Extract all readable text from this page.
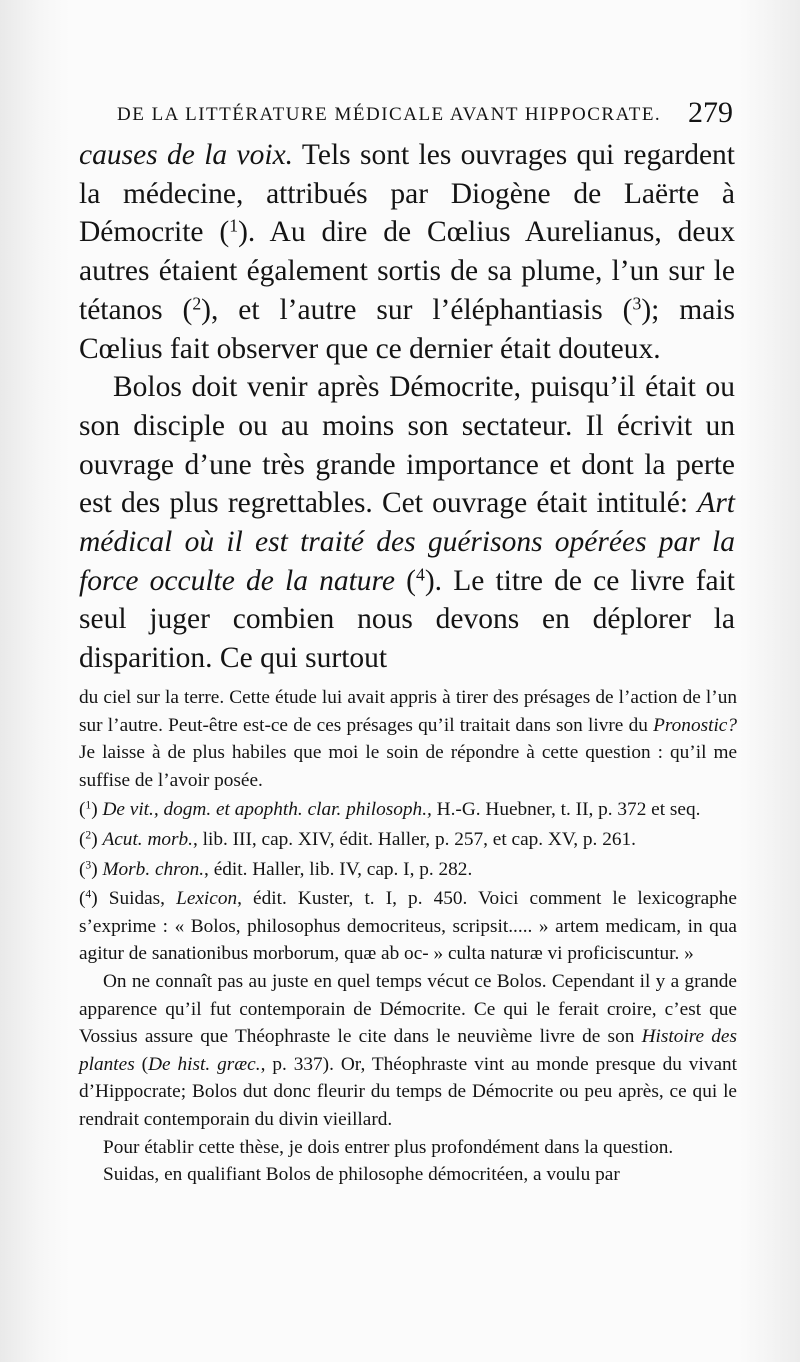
DE LA LITTÉRATURE MÉDICALE AVANT HIPPOCRATE. 279

causes de la voix. Tels sont les ouvrages qui regardent la médecine, attribués par Diogène de Laërte à Démocrite ($^1$). Au dire de Cœlius Aurelianus, deux autres étaient également sortis de sa plume, l’un sur le tétanos ($^2$), et l’autre sur l’éléphantiasis ($^3$); mais Cœlius fait observer que ce dernier était douteux.

Bolos doit venir après Démocrite, puisqu’il était ou son disciple ou au moins son sectateur. Il écrivit un ouvrage d’une très grande importance et dont la perte est des plus regrettables. Cet ouvrage était intitulé: Art médical où il est traité des guérisons opérées par la force occulte de la nature ($^4$). Le titre de ce livre fait seul juger combien nous devons en déplorer la disparition. Ce qui surtout

du ciel sur la terre. Cette étude lui avait appris à tirer des présages de l’action de l’un sur l’autre. Peut-être est-ce de ces présages qu’il traitait dans son livre du Pronostic? Je laisse à de plus habiles que moi le soin de répondre à cette question : qu’il me suffise de l’avoir posée.

($^1$) De vit., dogm. et apophth. clar. philosoph., H.-G. Huebner, t. II, p. 372 et seq.

($^2$) Acut. morb., lib. III, cap. XIV, édit. Haller, p. 257, et cap. XV, p. 261.

($^3$) Morb. chron., édit. Haller, lib. IV, cap. I, p. 282.

($^4$) Suidas, Lexicon, édit. Kuster, t. I, p. 450. Voici comment le lexicographe s’exprime : « Bolos, philosophus democriteus, scripsit..... » artem medicam, in qua agitur de sanationibus morborum, quæ ab oc- » culta naturæ vi proficiscuntur. »

On ne connaît pas au juste en quel temps vécut ce Bolos. Cependant il y a grande apparence qu’il fut contemporain de Démocrite. Ce qui le ferait croire, c’est que Vossius assure que Théophraste le cite dans le neuvième livre de son Histoire des plantes (De hist. græc., p. 337). Or, Théophraste vint au monde presque du vivant d’Hippocrate; Bolos dut donc fleurir du temps de Démocrite ou peu après, ce qui le rendrait contemporain du divin vieillard.

Pour établir cette thèse, je dois entrer plus profondément dans la question.

Suidas, en qualifiant Bolos de philosophe démocritéen, a voulu par
